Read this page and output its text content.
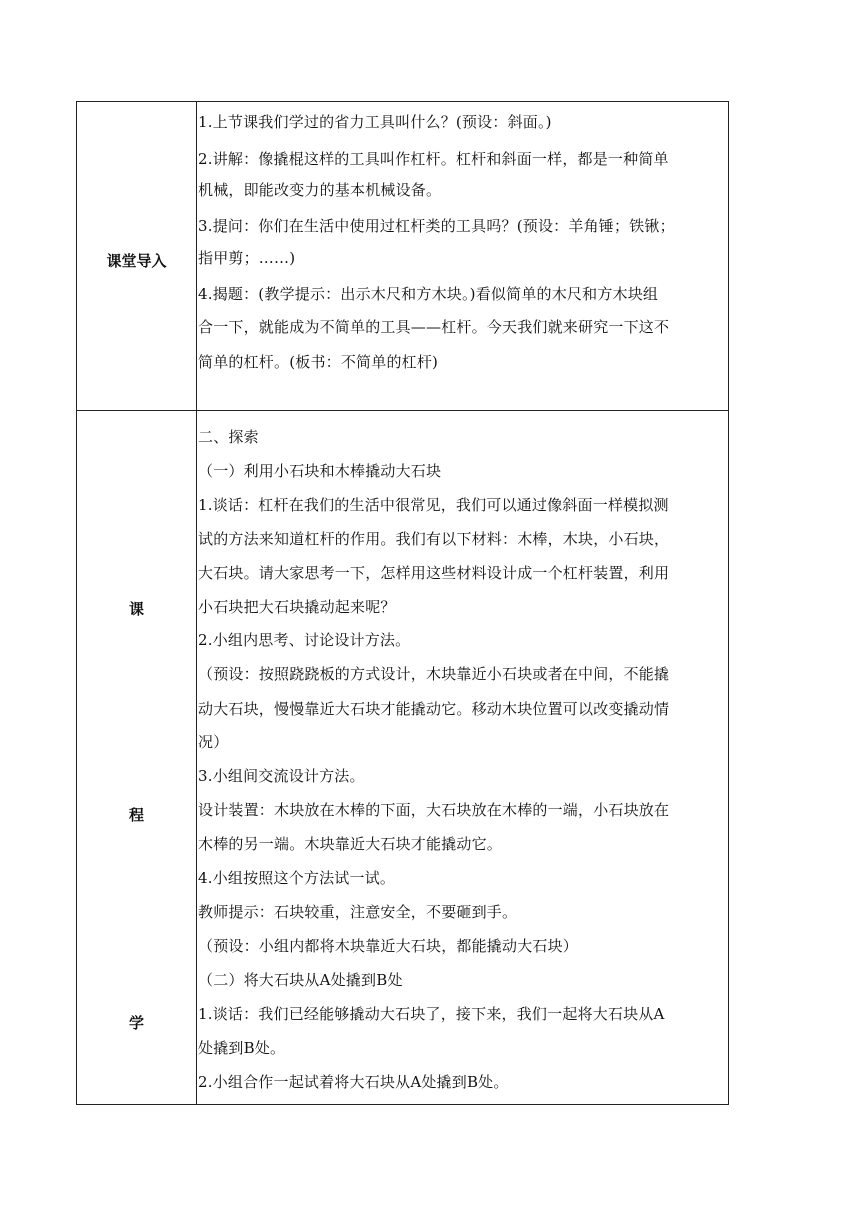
课堂导入
1.上节课我们学过的省力工具叫什么？(预设：斜面。)
2.讲解：像撬棍这样的工具叫作杠杆。杠杆和斜面一样，都是一种简单
机械，即能改变力的基本机械设备。
3.提问：你们在生活中使用过杠杆类的工具吗？(预设：羊角锤；铁锹；
指甲剪；……)
4.揭题：(教学提示：出示木尺和方木块。)看似简单的木尺和方木块组
合一下，就能成为不简单的工具——杠杆。今天我们就来研究一下这不
简单的杠杆。(板书：不简单的杠杆)
课
程
学
二、探索
（一）利用小石块和木棒撬动大石块
1.谈话：杠杆在我们的生活中很常见，我们可以通过像斜面一样模拟测
试的方法来知道杠杆的作用。我们有以下材料：木棒，木块，小石块，
大石块。请大家思考一下，怎样用这些材料设计成一个杠杆装置，利用
小石块把大石块撬动起来呢？
2.小组内思考、讨论设计方法。
（预设：按照跷跷板的方式设计，木块靠近小石块或者在中间，不能撬
动大石块，慢慢靠近大石块才能撬动它。移动木块位置可以改变撬动情
况）
3.小组间交流设计方法。
设计装置：木块放在木棒的下面，大石块放在木棒的一端，小石块放在
木棒的另一端。木块靠近大石块才能撬动它。
4.小组按照这个方法试一试。
教师提示：石块较重，注意安全，不要砸到手。
（预设：小组内都将木块靠近大石块，都能撬动大石块）
（二）将大石块从A处撬到B处
1.谈话：我们已经能够撬动大石块了，接下来，我们一起将大石块从A
处撬到B处。
2.小组合作一起试着将大石块从A处撬到B处。
